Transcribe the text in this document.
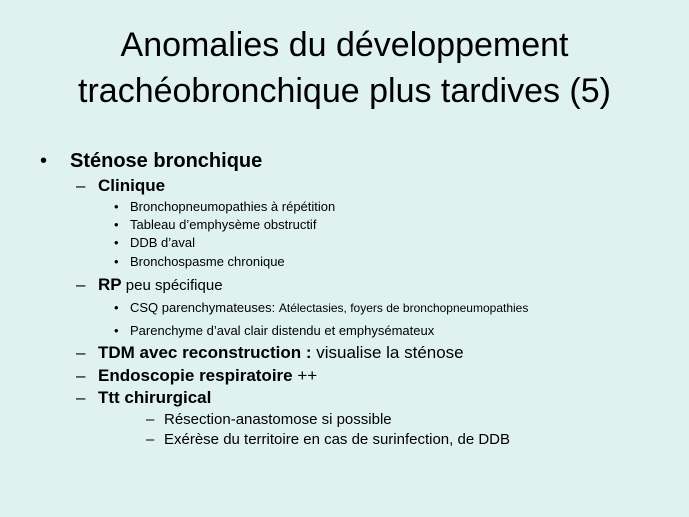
Anomalies du développement
trachéobronchique plus tardives (5)
• Sténose bronchique
– Clinique
• Bronchopneumopathies à répétition
• Tableau d’emphysème obstructif
• DDB d’aval
• Bronchospasme chronique
– RP peu spécifique
• CSQ parenchymateuses: Atélectasies, foyers de bronchopneumopathies
• Parenchyme d’aval clair distendu et emphysémateux
– TDM avec reconstruction : visualise la sténose
– Endoscopie respiratoire ++
– Ttt chirurgical
– Résection-anastomose si possible
– Exérèse du territoire en cas de surinfection, de DDB
